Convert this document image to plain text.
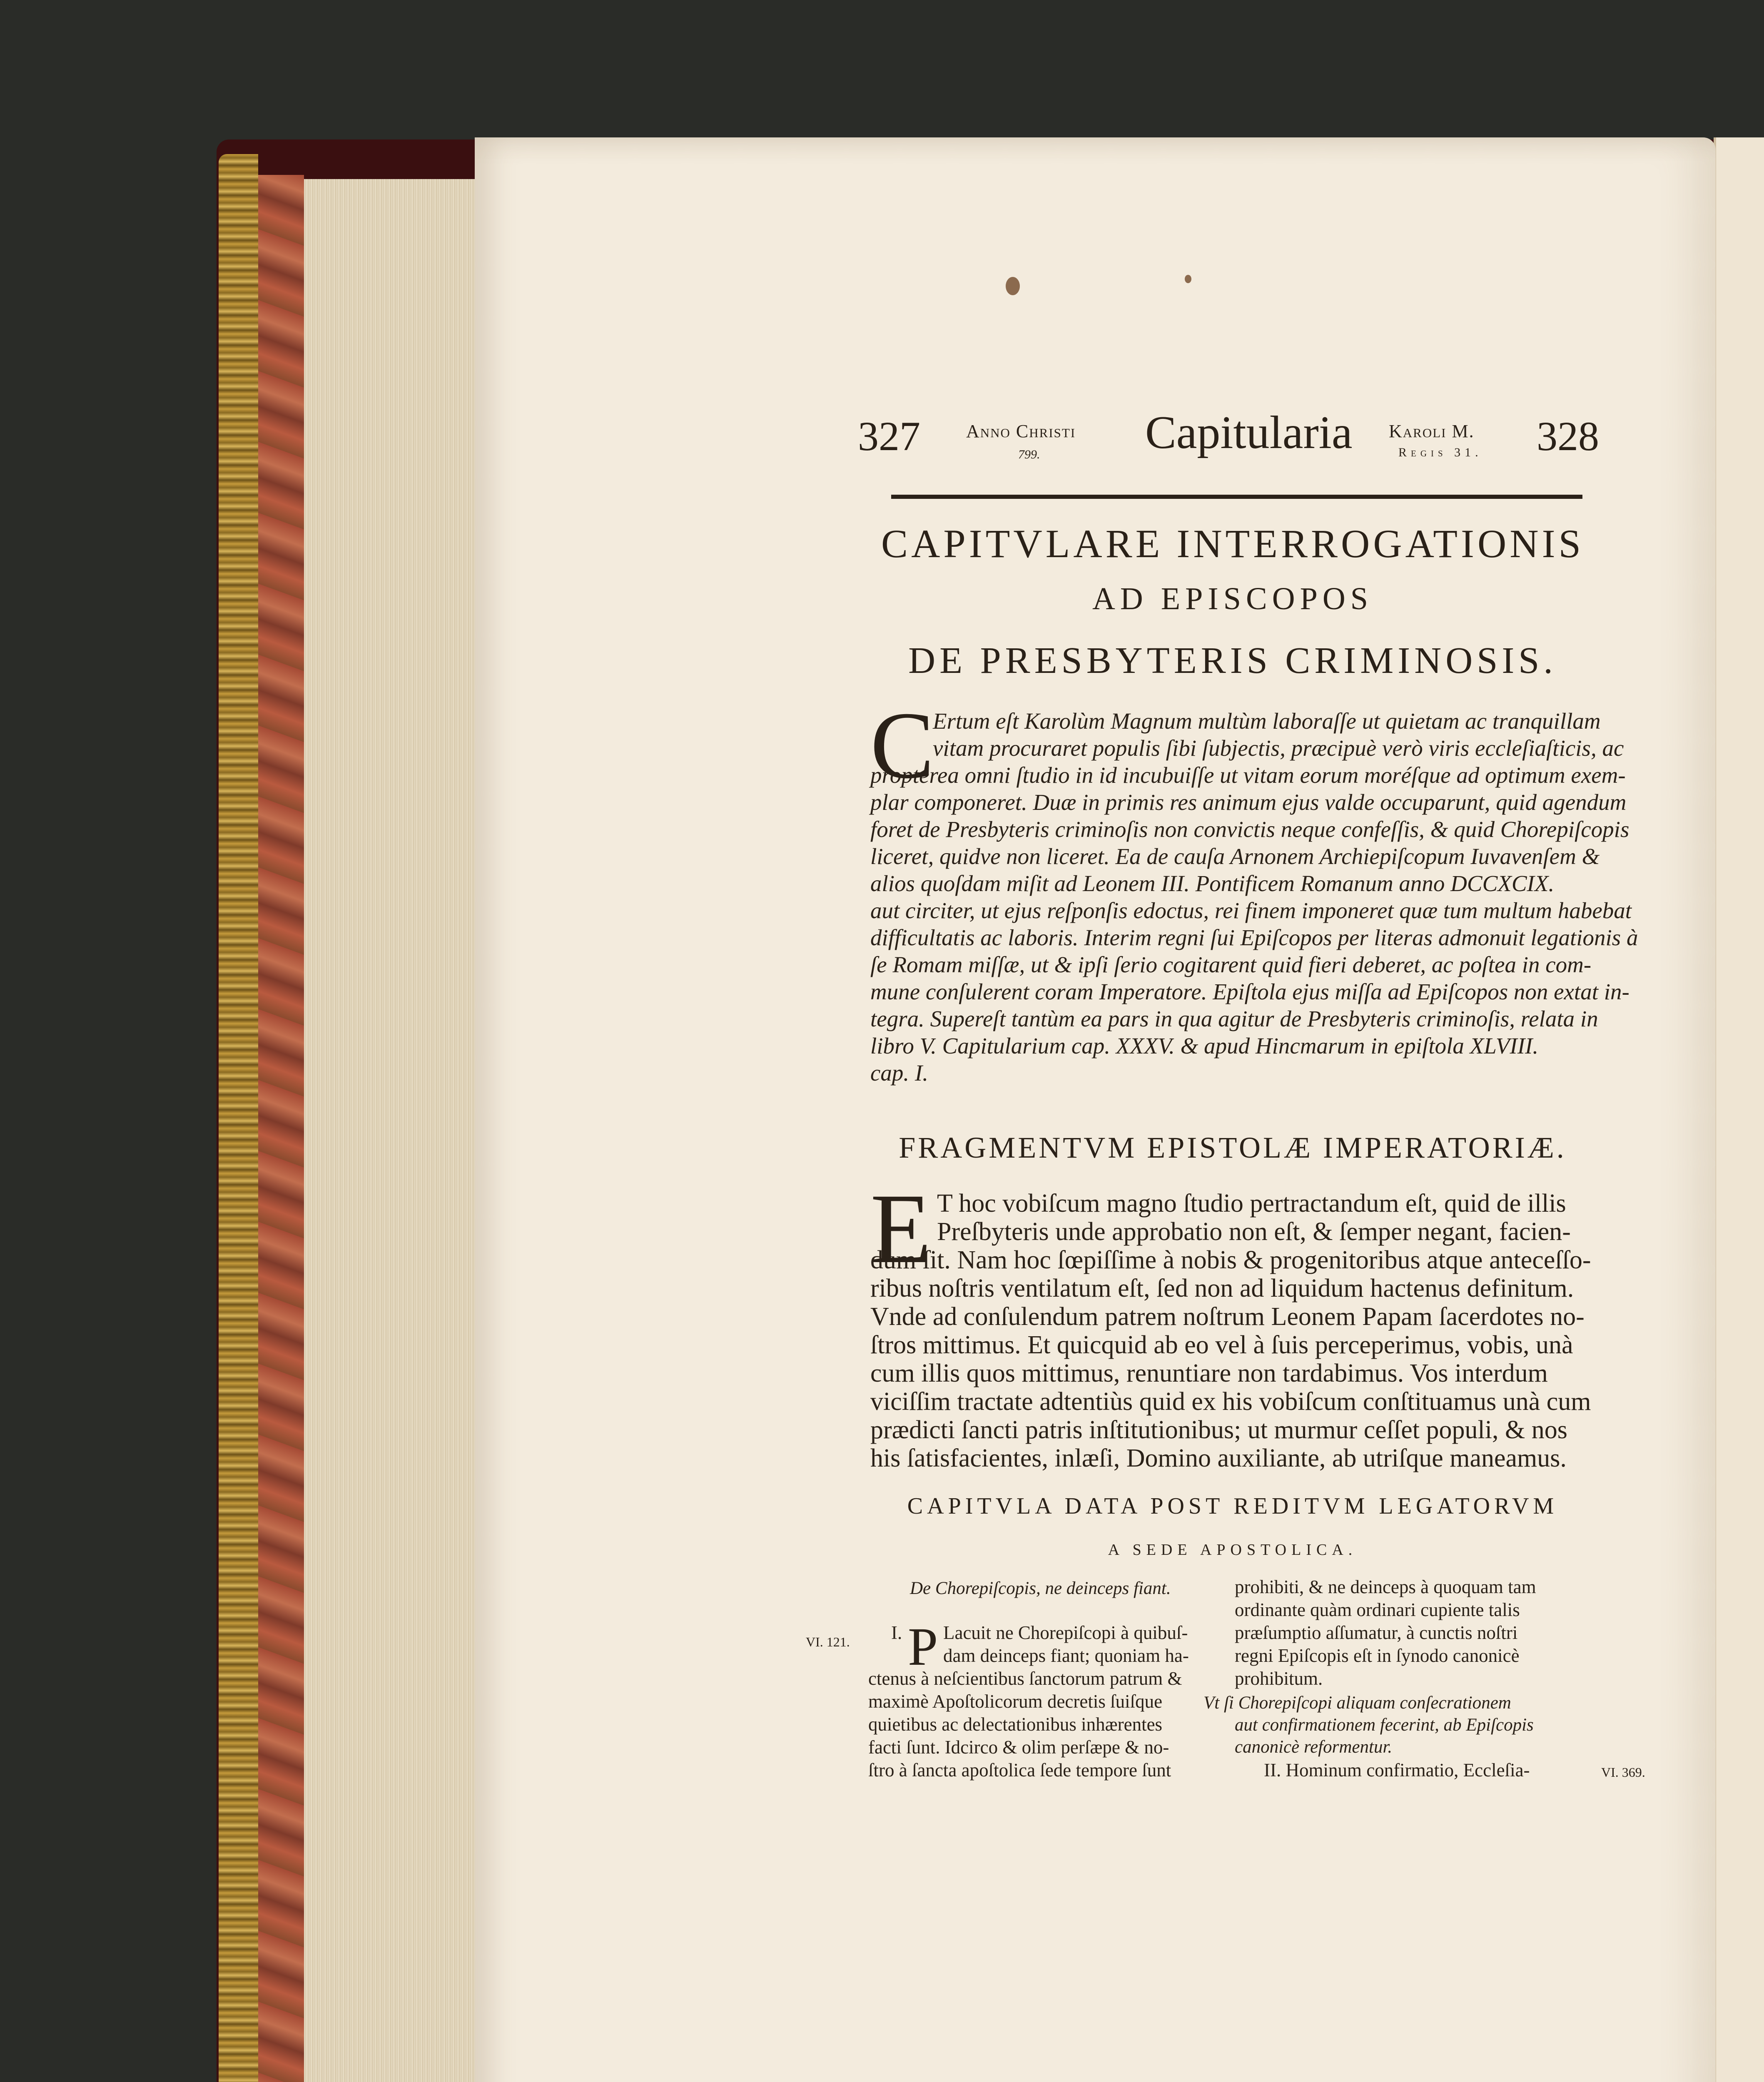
327	Anno Christi
799. Capitularia Karoli M.
Regis 31. 328
CAPITVLARE INTERROGATIONIS
AD EPISCOPOS
DE PRESBYTERIS CRIMINOSIS.
C
Ertum eſt Karolùm Magnum multùm laboraſſe ut quietam ac tranquillam
vitam procuraret populis ſibi ſubjectis, præcipuè verò viris eccleſiaſticis, ac
propterea omni ſtudio in id incubuiſſe ut vitam eorum moréſque ad optimum exem-
plar componeret. Duæ in primis res animum ejus valde occuparunt, quid agendum
foret de Presbyteris criminoſis non convictis neque confeſſis, & quid Chorepiſcopis
liceret, quidve non liceret. Ea de cauſa Arnonem Archiepiſcopum Iuvavenſem &
alios quoſdam miſit ad Leonem III. Pontificem Romanum anno DCCXCIX.
aut circiter, ut ejus reſponſis edoctus, rei finem imponeret quæ tum multum habebat
difficultatis ac laboris. Interim regni ſui Epiſcopos per literas admonuit legationis à
ſe Romam miſſæ, ut & ipſi ſerio cogitarent quid fieri deberet, ac poſtea in com-
mune conſulerent coram Imperatore. Epiſtola ejus miſſa ad Epiſcopos non extat in-
tegra. Supereſt tantùm ea pars in qua agitur de Presbyteris criminoſis, relata in
libro V. Capitularium cap. XXXV. & apud Hincmarum in epiſtola XLVIII.
cap. I.
FRAGMENTVM EPISTOLÆ IMPERATORIÆ.
E T hoc vobiſcum magno ſtudio pertractandum eſt, quid de illis
Preſbyteris unde approbatio non eſt, & ſemper negant, facien-
dum ſit. Nam hoc ſœpiſſime à nobis & progenitoribus atque anteceſſo-
ribus noſtris ventilatum eſt, ſed non ad liquidum hactenus definitum.
Vnde ad conſulendum patrem noſtrum Leonem Papam ſacerdotes no-
ſtros mittimus. Et quicquid ab eo vel à ſuis perceperimus, vobis, unà
cum illis quos mittimus, renuntiare non tardabimus. Vos interdum
viciſſim tractate adtentiùs quid ex his vobiſcum conſtituamus unà cum
prædicti ſancti patris inſtitutionibus; ut murmur ceſſet populi, & nos
his ſatisfacientes, inlæſi, Domino auxiliante, ab utriſque maneamus.
CAPITVLA DATA POST REDITVM LEGATORVM
A SEDE APOSTOLICA.
De Chorepiſcopis, ne deinceps fiant.
VI. 121. I. P Lacuit ne Chorepiſcopi à quibuſ-
dam deinceps fiant; quoniam ha-
ctenus à neſcientibus ſanctorum patrum &
maximè Apoſtolicorum decretis ſuiſque
quietibus ac delectationibus inhærentes
facti ſunt. Idcirco & olim perſæpe & no-
ſtro à ſancta apoſtolica ſede tempore ſunt
prohibiti, & ne deinceps à quoquam tam
ordinante quàm ordinari cupiente talis
præſumptio aſſumatur, à cunctis noſtri
regni Epiſcopis eſt in ſynodo canonicè
prohibitum.
Vt ſi Chorepiſcopi aliquam conſecrationem
aut confirmationem fecerint, ab Epiſcopis
canonicè reformentur.
II. Hominum confirmatio, Eccleſia-	VI. 369.
